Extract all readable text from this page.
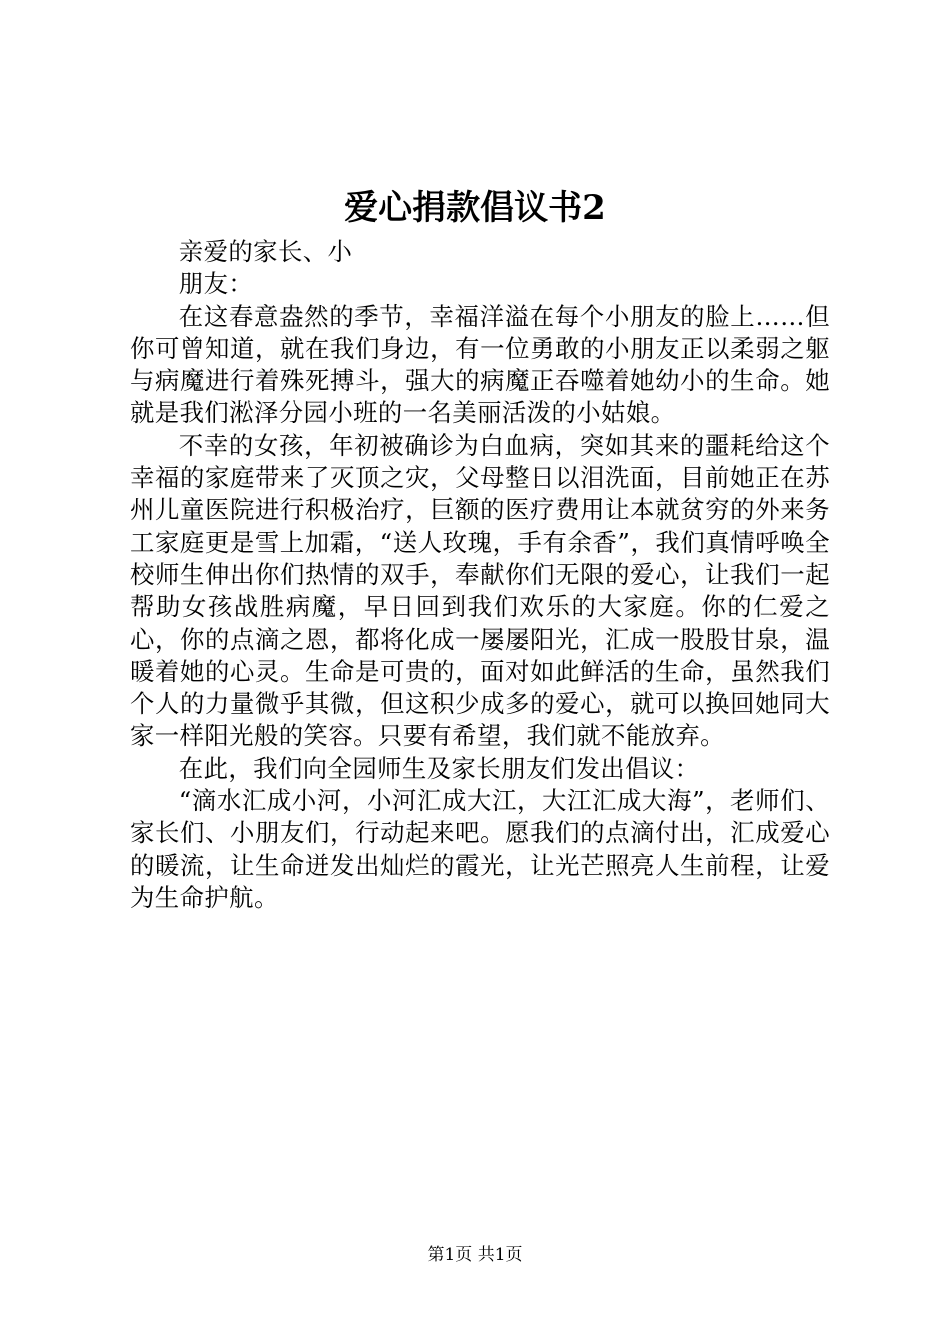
爱心捐款倡议书2

亲爱的家长、小

朋友：

在这春意盎然的季节，幸福洋溢在每个小朋友的脸上……但你可曾知道，就在我们身边，有一位勇敢的小朋友正以柔弱之躯与病魔进行着殊死搏斗，强大的病魔正吞噬着她幼小的生命。她就是我们淞泽分园小班的一名美丽活泼的小姑娘。

不幸的女孩，年初被确诊为白血病，突如其来的噩耗给这个幸福的家庭带来了灭顶之灾，父母整日以泪洗面，目前她正在苏州儿童医院进行积极治疗，巨额的医疗费用让本就贫穷的外来务工家庭更是雪上加霜，“送人玫瑰，手有余香”，我们真情呼唤全校师生伸出你们热情的双手，奉献你们无限的爱心，让我们一起帮助女孩战胜病魔，早日回到我们欢乐的大家庭。你的仁爱之心，你的点滴之恩，都将化成一屡屡阳光，汇成一股股甘泉，温暖着她的心灵。生命是可贵的，面对如此鲜活的生命，虽然我们个人的力量微乎其微，但这积少成多的爱心，就可以换回她同大家一样阳光般的笑容。只要有希望，我们就不能放弃。

在此，我们向全园师生及家长朋友们发出倡议：

“滴水汇成小河，小河汇成大江，大江汇成大海”，老师们、家长们、小朋友们，行动起来吧。愿我们的点滴付出，汇成爱心的暖流，让生命迸发出灿烂的霞光，让光芒照亮人生前程，让爱为生命护航。

第1页 共1页
